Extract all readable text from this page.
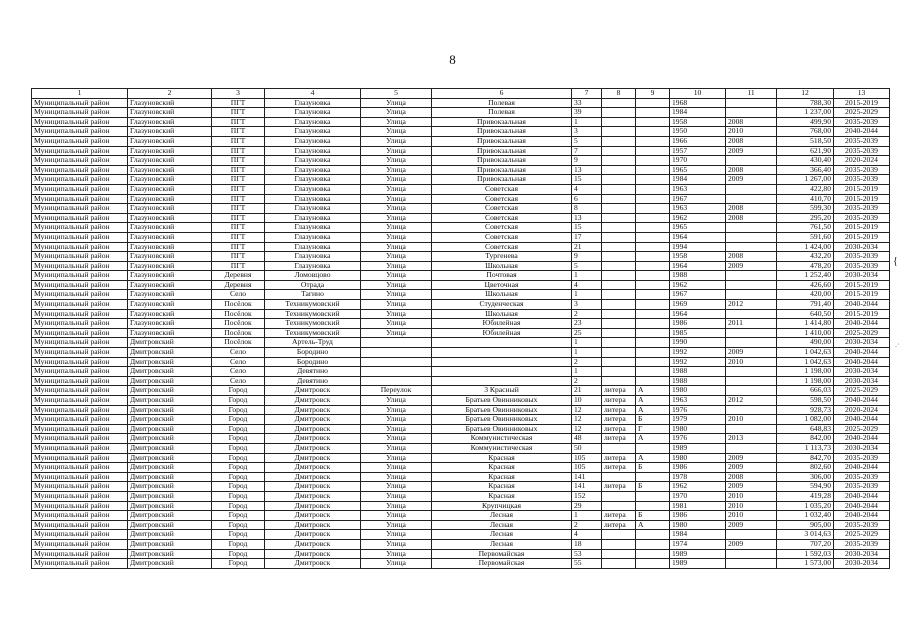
8
1	2	3	4	5	6	7	8	9	10	11	12	13
Муниципальный район	Глазуновский	ПГТ	Глазуновка	Улица	Полевая	33			1968		788,30	2015-2019
Муниципальный район	Глазуновский	ПГТ	Глазуновка	Улица	Полевая	39			1984		1 237,00	2025-2029
Муниципальный район	Глазуновский	ПГТ	Глазуновка	Улица	Привокзальная	1			1958	2008	499,90	2035-2039
Муниципальный район	Глазуновский	ПГТ	Глазуновка	Улица	Привокзальная	3			1950	2010	768,00	2040-2044
Муниципальный район	Глазуновский	ПГТ	Глазуновка	Улица	Привокзальная	5			1966	2008	518,50	2035-2039
Муниципальный район	Глазуновский	ПГТ	Глазуновка	Улица	Привокзальная	7			1957	2009	621,90	2035-2039
Муниципальный район	Глазуновский	ПГТ	Глазуновка	Улица	Привокзальная	9			1970		430,40	2020-2024
Муниципальный район	Глазуновский	ПГТ	Глазуновка	Улица	Привокзальная	13			1965	2008	366,40	2035-2039
Муниципальный район	Глазуновский	ПГТ	Глазуновка	Улица	Привокзальная	15			1984	2009	1 267,00	2035-2039
Муниципальный район	Глазуновский	ПГТ	Глазуновка	Улица	Советская	4			1963		422,80	2015-2019
Муниципальный район	Глазуновский	ПГТ	Глазуновка	Улица	Советская	6			1967		410,70	2015-2019
Муниципальный район	Глазуновский	ПГТ	Глазуновка	Улица	Советская	8			1963	2008	599,30	2035-2039
Муниципальный район	Глазуновский	ПГТ	Глазуновка	Улица	Советская	13			1962	2008	295,20	2035-2039
Муниципальный район	Глазуновский	ПГТ	Глазуновка	Улица	Советская	15			1965		761,50	2015-2019
Муниципальный район	Глазуновский	ПГТ	Глазуновка	Улица	Советская	17			1964		591,60	2015-2019
Муниципальный район	Глазуновский	ПГТ	Глазуновка	Улица	Советская	21			1994		1 424,00	2030-2034
Муниципальный район	Глазуновский	ПГТ	Глазуновка	Улица	Тургенева	9			1958	2008	432,20	2035-2039
Муниципальный район	Глазуновский	ПГТ	Глазуновка	Улица	Школьная	5			1964	2009	478,20	2035-2039
Муниципальный район	Глазуновский	Деревня	Ломовцово	Улица	Почтовая	1			1988		1 252,40	2030-2034
Муниципальный район	Глазуновский	Деревня	Отрада	Улица	Цветочная	4			1962		426,60	2015-2019
Муниципальный район	Глазуновский	Село	Тагино	Улица	Школьная	1			1967		420,00	2015-2019
Муниципальный район	Глазуновский	Посёлок	Техникумовский	Улица	Студенческая	3			1969	2012	791,40	2040-2044
Муниципальный район	Глазуновский	Посёлок	Техникумовский	Улица	Школьная	2			1964		640,50	2015-2019
Муниципальный район	Глазуновский	Посёлок	Техникумовский	Улица	Юбилейная	23			1986	2011	1 414,80	2040-2044
Муниципальный район	Глазуновский	Посёлок	Техникумовский	Улица	Юбилейная	25			1985		1 410,00	2025-2029
Муниципальный район	Дмитровский	Посёлок	Артель-Труд			1			1990		490,00	2030-2034
Муниципальный район	Дмитровский	Село	Бородино			1			1992	2009	1 042,63	2040-2044
Муниципальный район	Дмитровский	Село	Бородино			2			1992	2010	1 042,63	2040-2044
Муниципальный район	Дмитровский	Село	Девятино			1			1988		1 198,00	2030-2034
Муниципальный район	Дмитровский	Село	Девятино			2			1988		1 198,00	2030-2034
Муниципальный район	Дмитровский	Город	Дмитровск	Переулок	3 Красный	21	литера	А	1980		666,03	2025-2029
Муниципальный район	Дмитровский	Город	Дмитровск	Улица	Братьев Овинниковых	10	литера	А	1963	2012	598,50	2040-2044
Муниципальный район	Дмитровский	Город	Дмитровск	Улица	Братьев Овинниковых	12	литера	А	1976		928,73	2020-2024
Муниципальный район	Дмитровский	Город	Дмитровск	Улица	Братьев Овинниковых	12	литера	Б	1979	2010	1 082,00	2040-2044
Муниципальный район	Дмитровский	Город	Дмитровск	Улица	Братьев Овинниковых	12	литера	Г	1980		648,83	2025-2029
Муниципальный район	Дмитровский	Город	Дмитровск	Улица	Коммунистическая	48	литера	А	1976	2013	842,00	2040-2044
Муниципальный район	Дмитровский	Город	Дмитровск	Улица	Коммунистическая	50			1989		1 113,73	2030-2034
Муниципальный район	Дмитровский	Город	Дмитровск	Улица	Красная	105	литера	А	1980	2009	842,70	2035-2039
Муниципальный район	Дмитровский	Город	Дмитровск	Улица	Красная	105	литера	Б	1986	2009	802,60	2040-2044
Муниципальный район	Дмитровский	Город	Дмитровск	Улица	Красная	141			1978	2008	306,00	2035-2039
Муниципальный район	Дмитровский	Город	Дмитровск	Улица	Красная	141	литера	Б	1962	2009	594,90	2035-2039
Муниципальный район	Дмитровский	Город	Дмитровск	Улица	Красная	152			1970	2010	419,28	2040-2044
Муниципальный район	Дмитровский	Город	Дмитровск	Улица	Крупчицкая	29			1981	2010	1 035,20	2040-2044
Муниципальный район	Дмитровский	Город	Дмитровск	Улица	Лесная	1	литера	Б	1986	2010	1 032,40	2040-2044
Муниципальный район	Дмитровский	Город	Дмитровск	Улица	Лесная	2	литера	А	1980	2009	905,00	2035-2039
Муниципальный район	Дмитровский	Город	Дмитровск	Улица	Лесная	4			1984		3 014,63	2025-2029
Муниципальный район	Дмитровский	Город	Дмитровск	Улица	Лесная	18			1974	2009	707,20	2035-2039
Муниципальный район	Дмитровский	Город	Дмитровск	Улица	Первомайская	53			1989		1 592,03	2030-2034
Муниципальный район	Дмитровский	Город	Дмитровск	Улица	Первомайская	55			1989		1 573,00	2030-2034
{
.·
